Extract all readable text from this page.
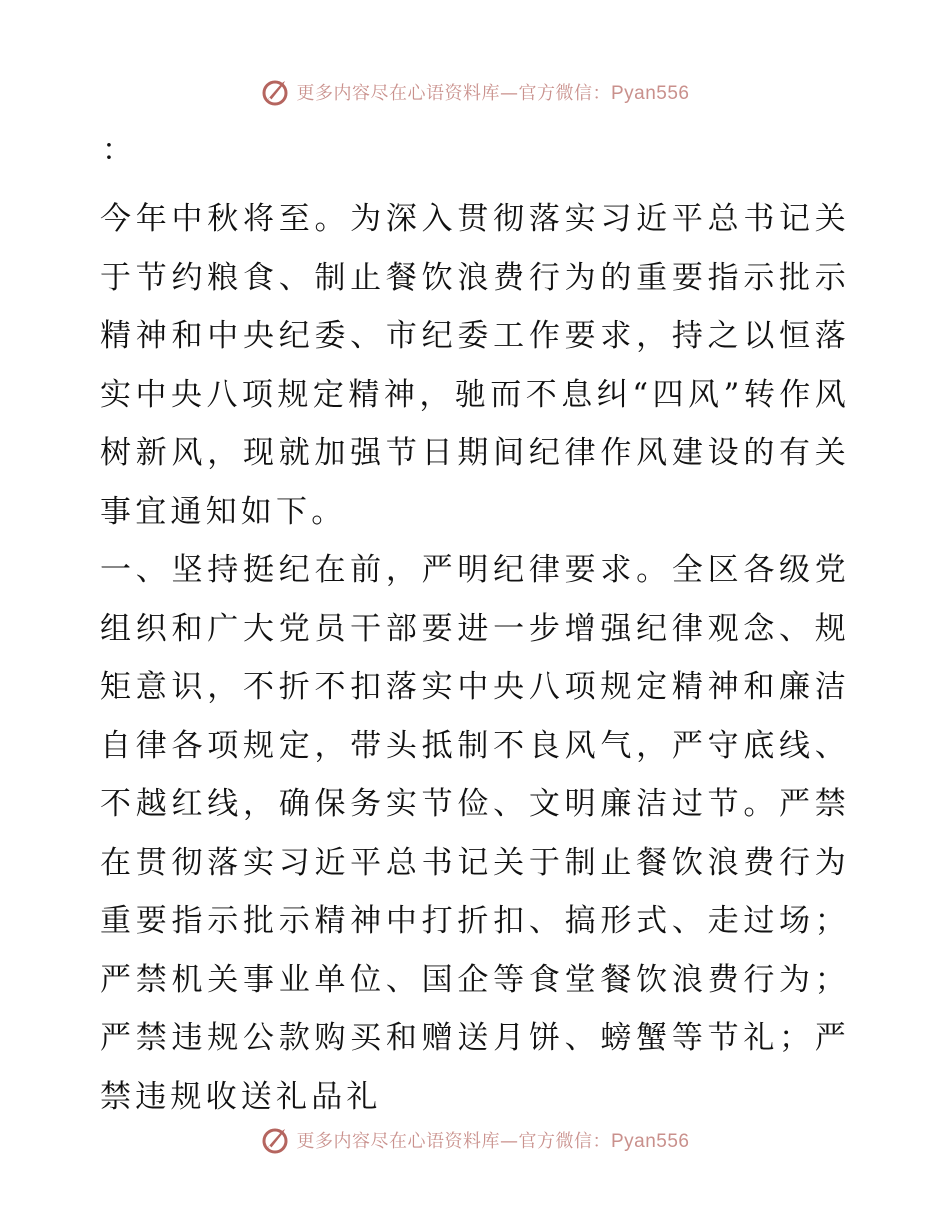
更多内容尽在心语资料库—官方微信：Pyan556
：

今年中秋将至。为深入贯彻落实习近平总书记关于节约粮食、制止餐饮浪费行为的重要指示批示精神和中央纪委、市纪委工作要求，持之以恒落实中央八项规定精神，驰而不息纠“四风”转作风树新风，现就加强节日期间纪律作风建设的有关事宜通知如下。

一、坚持挺纪在前，严明纪律要求。全区各级党组织和广大党员干部要进一步增强纪律观念、规矩意识，不折不扣落实中央八项规定精神和廉洁自律各项规定，带头抵制不良风气，严守底线、不越红线，确保务实节俭、文明廉洁过节。严禁在贯彻落实习近平总书记关于制止餐饮浪费行为重要指示批示精神中打折扣、搞形式、走过场；严禁机关事业单位、国企等食堂餐饮浪费行为；严禁违规公款购买和赠送月饼、螃蟹等节礼；严禁违规收送礼品礼

更多内容尽在心语资料库—官方微信：Pyan556
